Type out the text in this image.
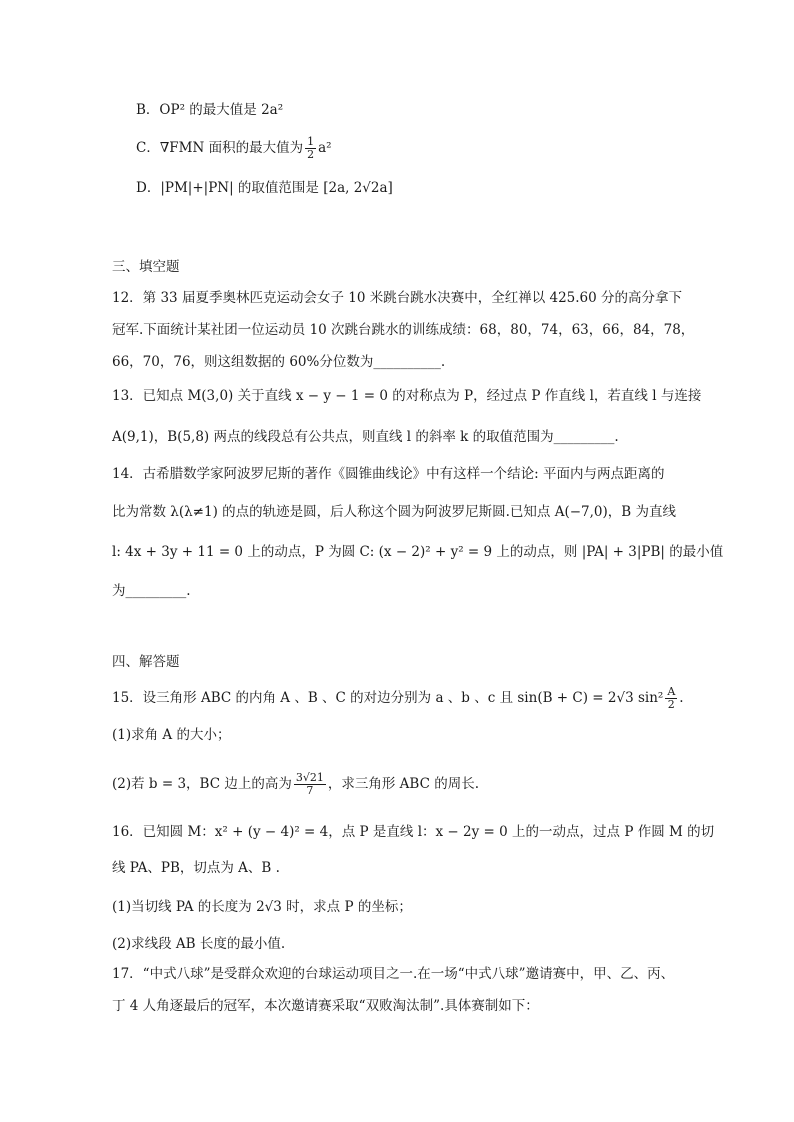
B．OP² 的最大值是 2a²
C．∇FMN 面积的最大值为 $\frac{1}{2} a^2$
D．|PM|+|PN| 的取值范围是 [2a, 2√2a]
三、填空题
12．第 33 届夏季奥林匹克运动会女子 10 米跳台跳水决赛中，全红禅以 425.60 分的高分拿下
冠军.下面统计某社团一位运动员 10 次跳台跳水的训练成绩：68，80，74，63，66，84，78，
66，70，76，则这组数据的 60%分位数为__________.
13．已知点 M(3,0) 关于直线 x − y − 1 = 0 的对称点为 P，经过点 P 作直线 l，若直线 l 与连接
A(9,1)，B(5,8) 两点的线段总有公共点，则直线 l 的斜率 k 的取值范围为_________.
14．古希腊数学家阿波罗尼斯的著作《圆锥曲线论》中有这样一个结论: 平面内与两点距离的
比为常数 λ(λ≠1) 的点的轨迹是圆，后人称这个圆为阿波罗尼斯圆.已知点 A(−7,0)，B 为直线
l: 4x + 3y + 11 = 0 上的动点，P 为圆 C: (x − 2)² + y² = 9 上的动点，则 |PA| + 3|PB| 的最小值
为_________.
四、解答题
15．设三角形 ABC 的内角 A 、B 、C 的对边分别为 a 、b 、c 且 sin(B + C) = 2√3 $\sin^2 \frac{A}{2}$ .
(1)求角 A 的大小；
(2)若 b = 3，BC 边上的高为 $\frac{3√21}{7}$ ，求三角形 ABC 的周长.
16．已知圆 M：x² + (y − 4)² = 4，点 P 是直线 l：x − 2y = 0 上的一动点，过点 P 作圆 M 的切
线 PA、PB，切点为 A、B .
(1)当切线 PA 的长度为 2√3 时，求点 P 的坐标；
(2)求线段 AB 长度的最小值.
17．“中式八球”是受群众欢迎的台球运动项目之一.在一场“中式八球”邀请赛中，甲、乙、丙、
丁 4 人角逐最后的冠军，本次邀请赛采取“双败淘汰制”.具体赛制如下：
